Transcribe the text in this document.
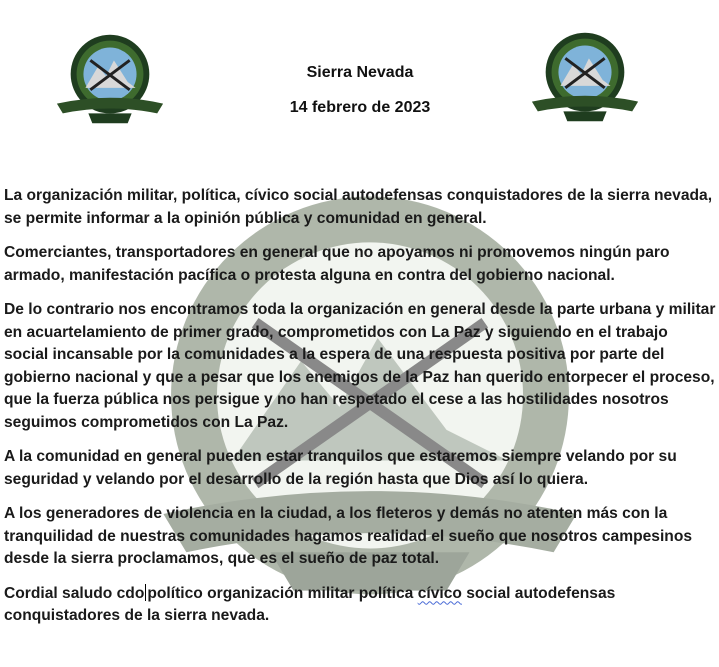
Sierra Nevada
14 febrero de 2023

La organización militar, política, cívico social autodefensas conquistadores de la sierra nevada, se permite informar a la opinión pública y comunidad en general.

Comerciantes, transportadores en general que no apoyamos ni promovemos ningún paro armado, manifestación pacífica o protesta alguna en contra del gobierno nacional.

De lo contrario nos encontramos toda la organización en general desde la parte urbana y militar en acuartelamiento de primer grado, comprometidos con La Paz y siguiendo en el trabajo social incansable por la comunidades a la espera de una respuesta positiva por parte del gobierno nacional y que a pesar que los enemigos de la Paz han querido entorpecer el proceso, que la fuerza pública nos persigue y no han respetado el cese a las hostilidades nosotros seguimos comprometidos con La Paz.

A la comunidad en general pueden estar tranquilos que estaremos siempre velando por su seguridad y velando por el desarrollo de la región hasta que Dios así lo quiera.

A los generadores de violencia en la ciudad, a los fleteros y demás no atenten más con la tranquilidad de nuestras comunidades hagamos realidad el sueño que nosotros campesinos desde la sierra proclamamos, que es el sueño de paz total.

Cordial saludo cdo político organización militar política cívico social autodefensas conquistadores de la sierra nevada.
